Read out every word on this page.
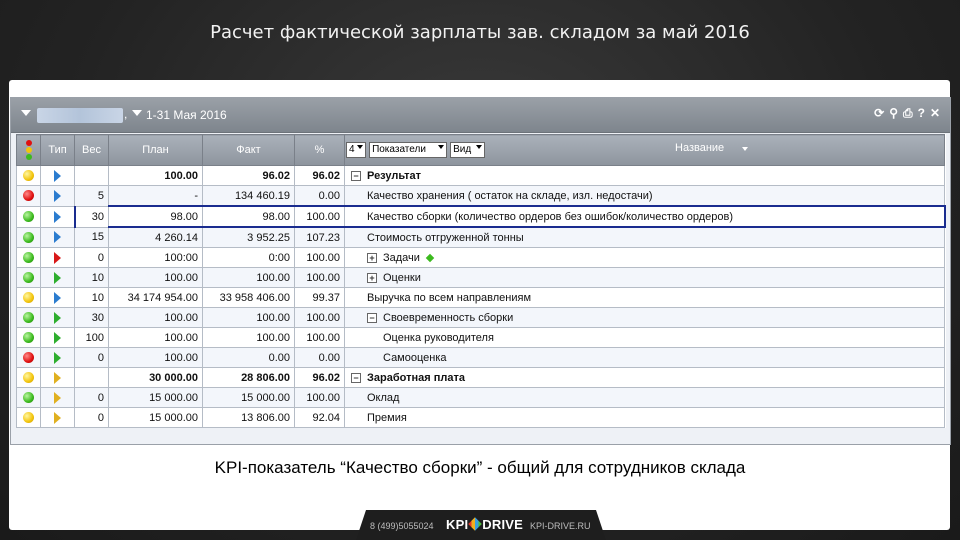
Расчет фактической зарплаты зав. складом за май 2016
, 1-31 Мая 2016	⟳ ⚲ ⎙ ? ✕
	Тип	Вес	План	Факт	%	4 Показатели Вид Название

			100.00	96.02	96.02	− Результат
		5	-	134 460.19	0.00	Качество хранения ( остаток на складе, изл. недостачи)
		30	98.00	98.00	100.00	Качество сборки (количество ордеров без ошибок/количество ордеров)
		15	4 260.14	3 952.25	107.23	Стоимость отгруженной тонны
		0	100:00	0:00	100.00	+ Задачи
		10	100.00	100.00	100.00	+ Оценки
		10	34 174 954.00	33 958 406.00	99.37	Выручка по всем направлениям
		30	100.00	100.00	100.00	− Своевременность сборки
		100	100.00	100.00	100.00	Оценка руководителя
		0	100.00	0.00	0.00	Самооценка
			30 000.00	28 806.00	96.02	− Заработная плата
		0	15 000.00	15 000.00	100.00	Оклад
		0	15 000.00	13 806.00	92.04	Премия
KPI-показатель “Качество сборки” - общий для сотрудников склада
8 (499)5055024 KPI DRIVE KPI-DRIVE.RU
